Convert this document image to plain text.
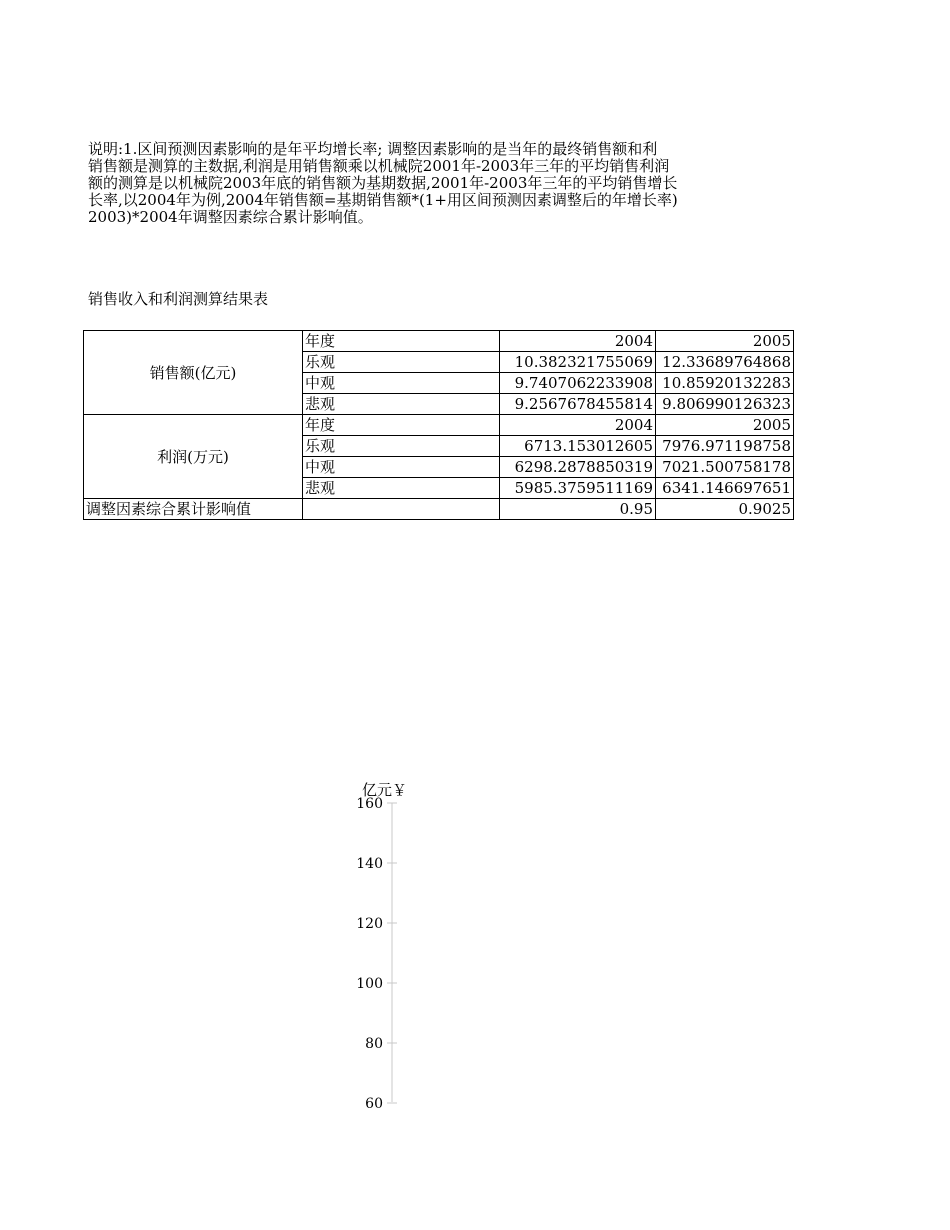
说明:1.区间预测因素影响的是年平均增长率; 调整因素影响的是当年的最终销售额和利
销售额是测算的主数据,利润是用销售额乘以机械院2001年-2003年三年的平均销售利润
额的测算是以机械院2003年底的销售额为基期数据,2001年-2003年三年的平均销售增长
长率,以2004年为例,2004年销售额=基期销售额*(1+用区间预测因素调整后的年增长率)
2003)*2004年调整因素综合累计影响值。
销售收入和利润测算结果表
销售额(亿元)	年度	2004	2005
	乐观	10.382321755069	12.33689764868
	中观	9.7407062233908	10.85920132283
	悲观	9.2567678455814	9.806990126323
利润(万元)	年度	2004	2005
	乐观	6713.153012605	7976.971198758
	中观	6298.2878850319	7021.500758178
	悲观	5985.3759511169	6341.146697651
调整因素综合累计影响值		0.95	0.9025
亿元￥
160
140
120
100
80
60
